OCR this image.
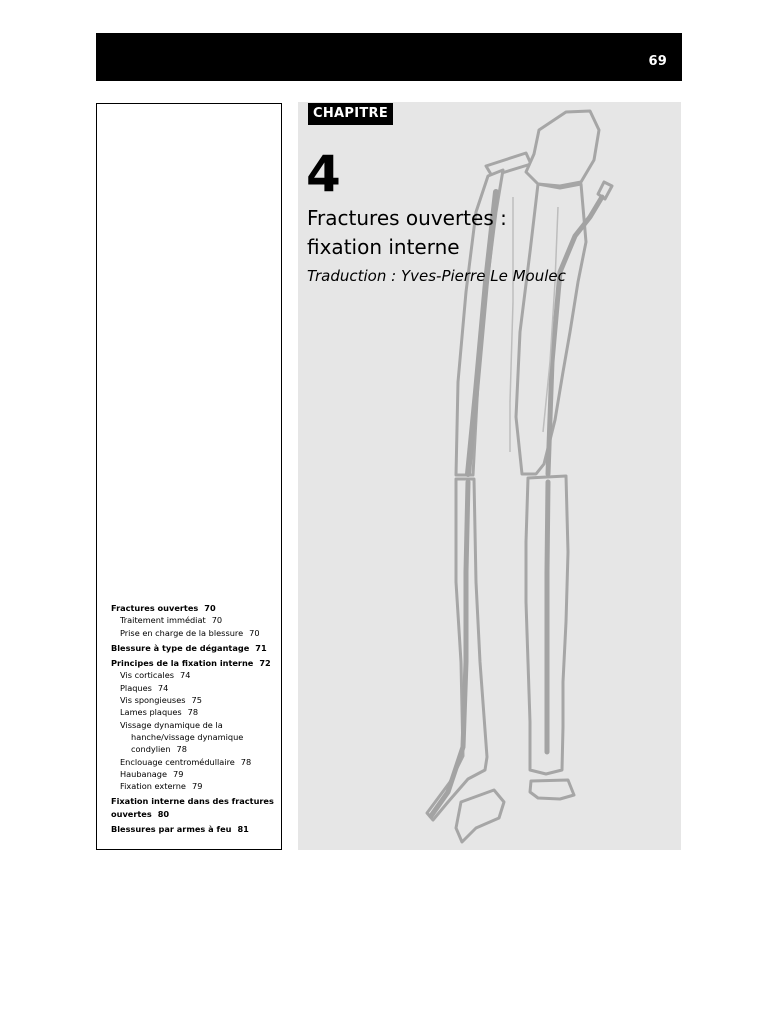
69
Fractures ouvertes 70
Traitement immédiat 70
Prise en charge de la blessure 70
Blessure à type de dégantage 71
Principes de la fixation interne 72
Vis corticales 74
Plaques 74
Vis spongieuses 75
Lames plaques 78
Vissage dynamique de la hanche/vissage dynamique condylien 78
Enclouage centromédullaire 78
Haubanage 79
Fixation externe 79
Fixation interne dans des fractures ouvertes 80
Blessures par armes à feu 81
CHAPITRE
4
Fractures ouvertes :
fixation interne
Traduction : Yves-Pierre Le Moulec
